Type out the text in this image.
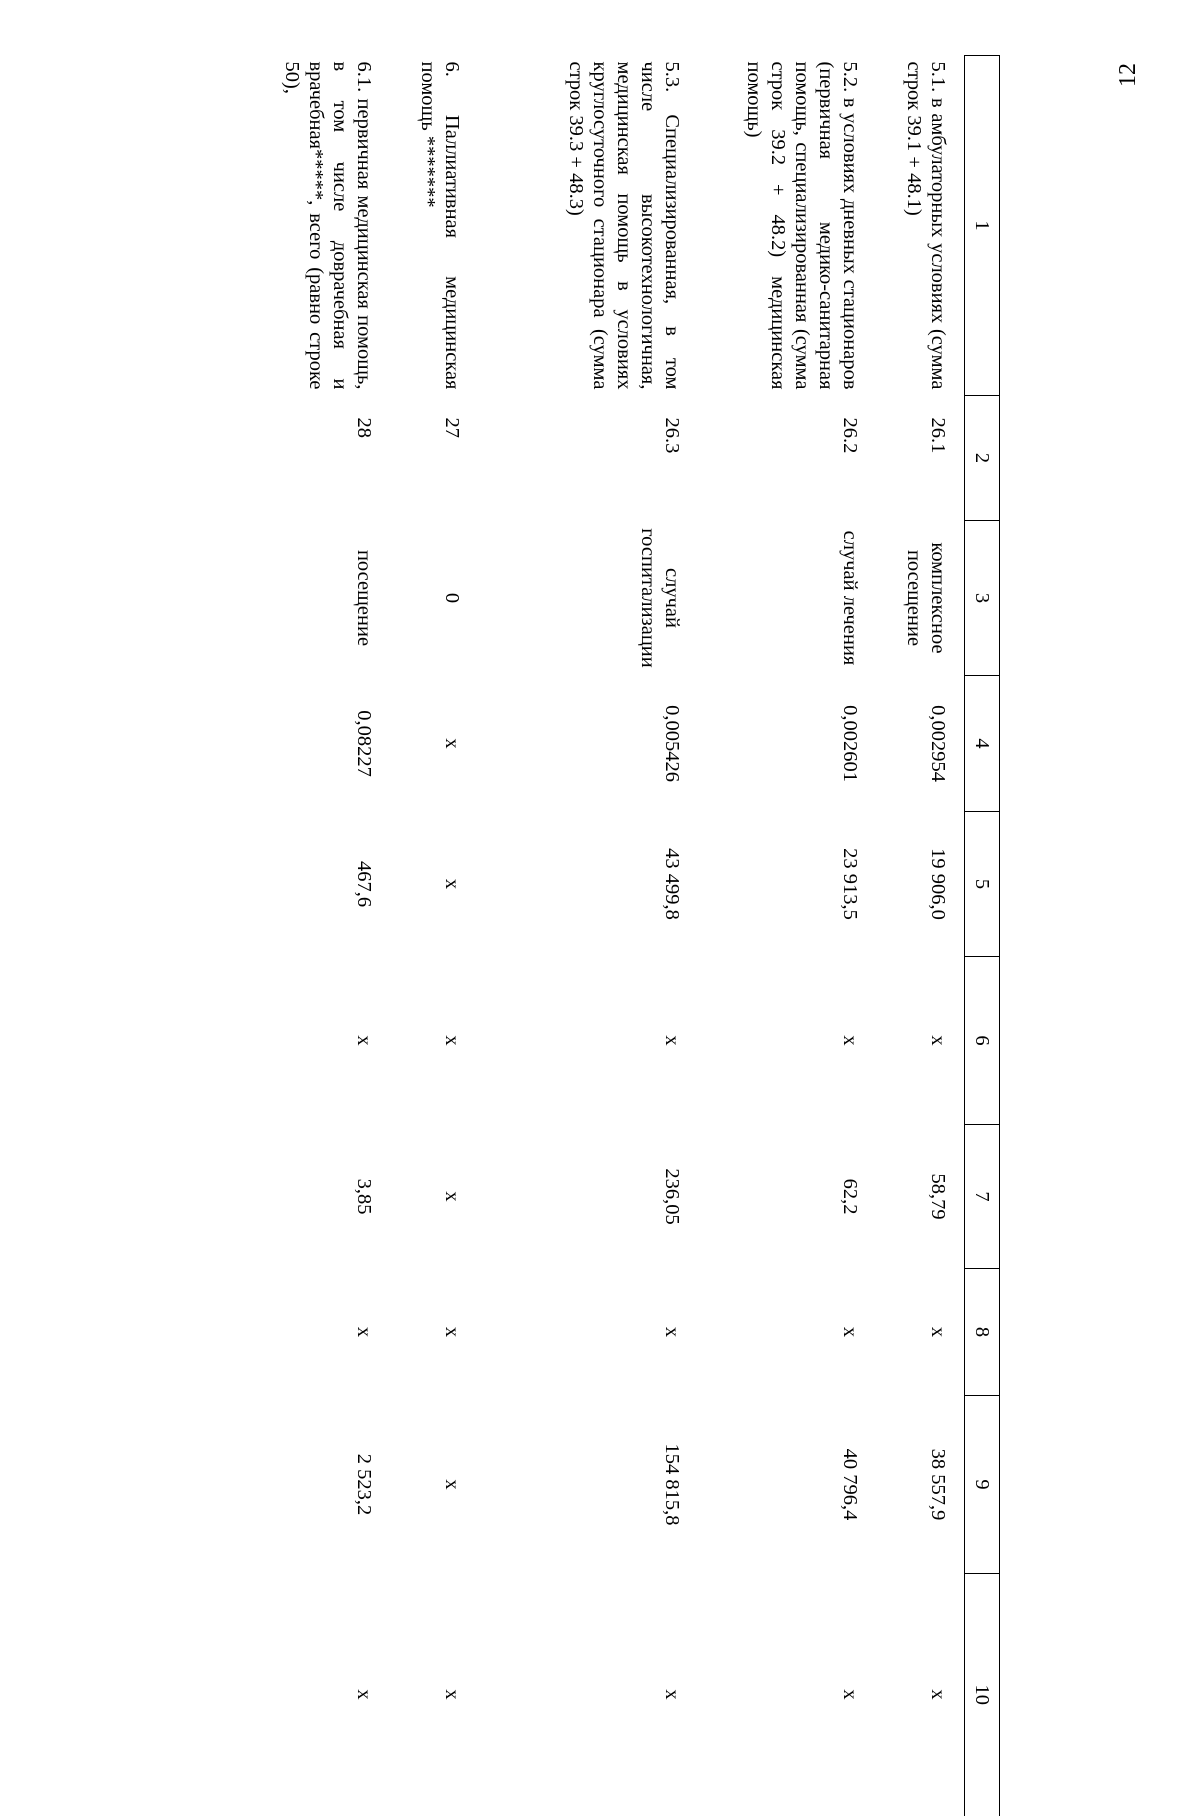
12
1	2	3	4	5	6	7	8	9	10
5.1. в амбулаторных условиях (сумма строк 39.1 + 48.1)	26.1	комплексное посещение	0,002954	19 906,0	x	58,79	x	38 557,9	x
5.2. в условиях дневных стационаров (первичная медико-санитарная помощь, специализированная (сумма строк 39.2 + 48.2) медицинская помощь)	26.2	случай лечения	0,002601	23 913,5	x	62,2	x	40 796,4	x
5.3. Специализированная, в том числе высокотехнологичная, медицинская помощь в условиях круглосуточного стационара (сумма строк 39.3 + 48.3)	26.3	случай госпитализации	0,005426	43 499,8	x	236,05	x	154 815,8	x
6. Паллиативная медицинская помощь *******	27	0	x	x	x	x	x	x	x
6.1. первичная медицинская помощь, в том числе доврачебная и врачебная*****, всего (равно строке 50),	28	посещение	0,08227	467,6	x	3,85	x	2 523,2	x
